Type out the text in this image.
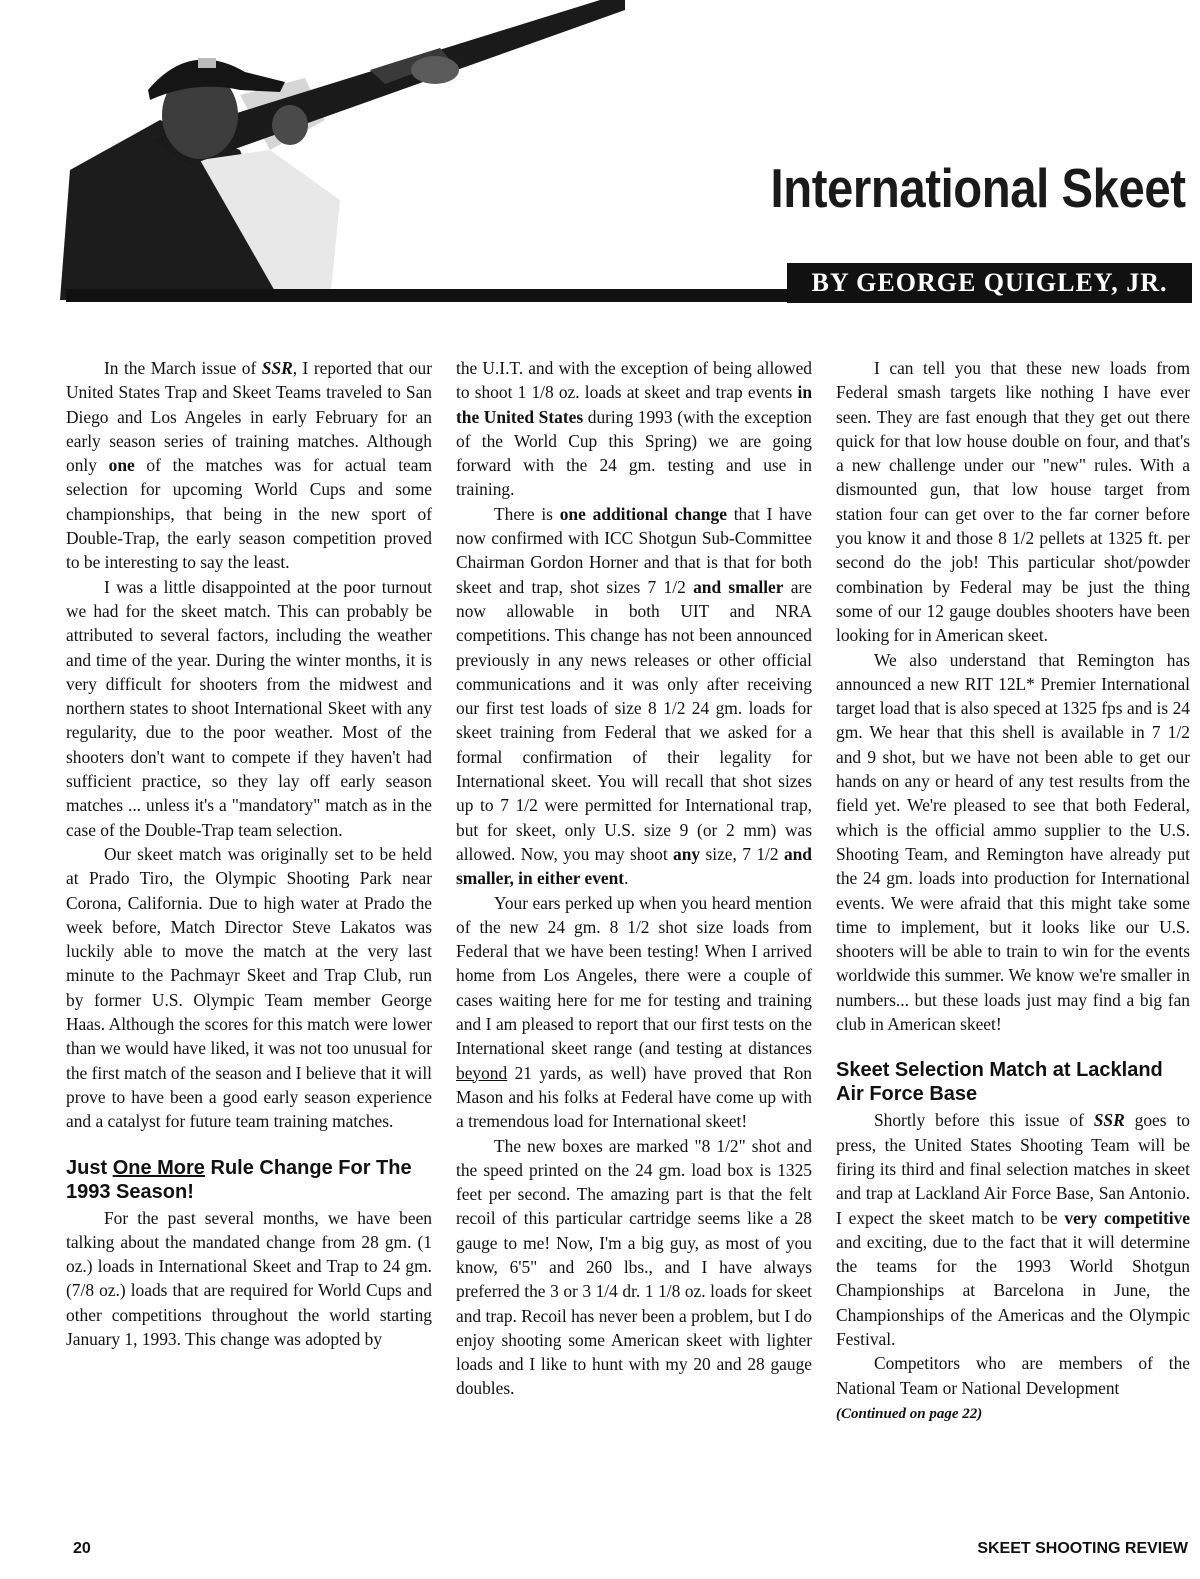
International Skeet
BY GEORGE QUIGLEY, JR.

In the March issue of SSR, I reported that our United States Trap and Skeet Teams traveled to San Diego and Los Angeles in early February for an early season series of training matches. Although only one of the matches was for actual team selection for upcoming World Cups and some championships, that being in the new sport of Double-Trap, the early season competition proved to be interesting to say the least.

I was a little disappointed at the poor turnout we had for the skeet match. This can probably be attributed to several factors, including the weather and time of the year. During the winter months, it is very difficult for shooters from the midwest and northern states to shoot International Skeet with any regularity, due to the poor weather. Most of the shooters don't want to compete if they haven't had sufficient practice, so they lay off early season matches ... unless it's a "mandatory" match as in the case of the Double-Trap team selection.

Our skeet match was originally set to be held at Prado Tiro, the Olympic Shooting Park near Corona, California. Due to high water at Prado the week before, Match Director Steve Lakatos was luckily able to move the match at the very last minute to the Pachmayr Skeet and Trap Club, run by former U.S. Olympic Team member George Haas. Although the scores for this match were lower than we would have liked, it was not too unusual for the first match of the season and I believe that it will prove to have been a good early season experience and a catalyst for future team training matches.

Just One More Rule Change For The 1993 Season!

For the past several months, we have been talking about the mandated change from 28 gm. (1 oz.) loads in International Skeet and Trap to 24 gm. (7/8 oz.) loads that are required for World Cups and other competitions throughout the world starting January 1, 1993. This change was adopted by

the U.I.T. and with the exception of being allowed to shoot 1 1/8 oz. loads at skeet and trap events in the United States during 1993 (with the exception of the World Cup this Spring) we are going forward with the 24 gm. testing and use in training.

There is one additional change that I have now confirmed with ICC Shotgun Sub-Committee Chairman Gordon Horner and that is that for both skeet and trap, shot sizes 7 1/2 and smaller are now allowable in both UIT and NRA competitions. This change has not been announced previously in any news releases or other official communications and it was only after receiving our first test loads of size 8 1/2 24 gm. loads for skeet training from Federal that we asked for a formal confirmation of their legality for International skeet. You will recall that shot sizes up to 7 1/2 were permitted for International trap, but for skeet, only U.S. size 9 (or 2 mm) was allowed. Now, you may shoot any size, 7 1/2 and smaller, in either event.

Your ears perked up when you heard mention of the new 24 gm. 8 1/2 shot size loads from Federal that we have been testing! When I arrived home from Los Angeles, there were a couple of cases waiting here for me for testing and training and I am pleased to report that our first tests on the International skeet range (and testing at distances beyond 21 yards, as well) have proved that Ron Mason and his folks at Federal have come up with a tremendous load for International skeet!

The new boxes are marked "8 1/2" shot and the speed printed on the 24 gm. load box is 1325 feet per second. The amazing part is that the felt recoil of this particular cartridge seems like a 28 gauge to me! Now, I'm a big guy, as most of you know, 6'5" and 260 lbs., and I have always preferred the 3 or 3 1/4 dr. 1 1/8 oz. loads for skeet and trap. Recoil has never been a problem, but I do enjoy shooting some American skeet with lighter loads and I like to hunt with my 20 and 28 gauge doubles.

I can tell you that these new loads from Federal smash targets like nothing I have ever seen. They are fast enough that they get out there quick for that low house double on four, and that's a new challenge under our "new" rules. With a dismounted gun, that low house target from station four can get over to the far corner before you know it and those 8 1/2 pellets at 1325 ft. per second do the job! This particular shot/powder combination by Federal may be just the thing some of our 12 gauge doubles shooters have been looking for in American skeet.

We also understand that Remington has announced a new RIT 12L* Premier International target load that is also speced at 1325 fps and is 24 gm. We hear that this shell is available in 7 1/2 and 9 shot, but we have not been able to get our hands on any or heard of any test results from the field yet. We're pleased to see that both Federal, which is the official ammo supplier to the U.S. Shooting Team, and Remington have already put the 24 gm. loads into production for International events. We were afraid that this might take some time to implement, but it looks like our U.S. shooters will be able to train to win for the events worldwide this summer. We know we're smaller in numbers... but these loads just may find a big fan club in American skeet!

Skeet Selection Match at Lackland Air Force Base

Shortly before this issue of SSR goes to press, the United States Shooting Team will be firing its third and final selection matches in skeet and trap at Lackland Air Force Base, San Antonio. I expect the skeet match to be very competitive and exciting, due to the fact that it will determine the teams for the 1993 World Shotgun Championships at Barcelona in June, the Championships of the Americas and the Olympic Festival.

Competitors who are members of the National Team or National Development

(Continued on page 22)

20	SKEET SHOOTING REVIEW
